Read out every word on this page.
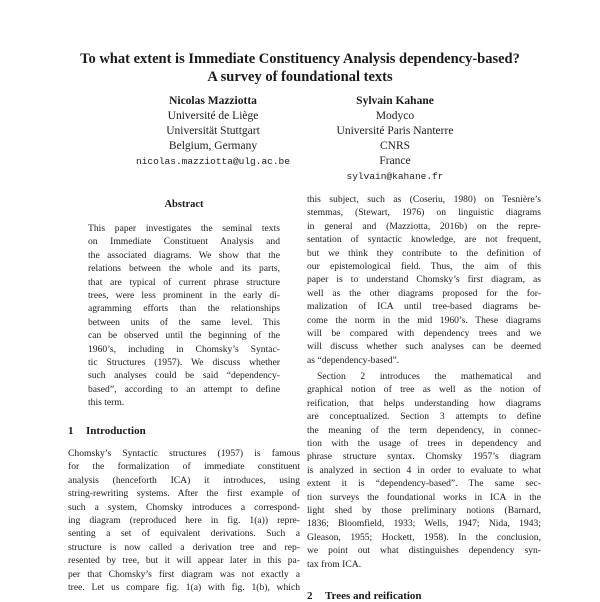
To what extent is Immediate Constituency Analysis dependency-based?
A survey of foundational texts
Nicolas Mazziotta
Université de Liège
Universität Stuttgart
Belgium, Germany
nicolas.mazziotta@ulg.ac.be
Sylvain Kahane
Modyco
Université Paris Nanterre
CNRS
France
sylvain@kahane.fr
Abstract
This paper investigates the seminal texts
on Immediate Constituent Analysis and
the associated diagrams. We show that the
relations between the whole and its parts,
that are typical of current phrase structure
trees, were less prominent in the early di-
agramming efforts than the relationships
between units of the same level. This
can be observed until the beginning of the
1960’s, including in Chomsky’s Syntac-
tic Structures (1957). We discuss whether
such analyses could be said “dependency-
based”, according to an attempt to define
this term.
1 Introduction
Chomsky’s Syntactic structures (1957) is famous
for the formalization of immediate constituent
analysis (henceforth ICA) it introduces, using
string-rewriting systems. After the first example of
such a system, Chomsky introduces a correspond-
ing diagram (reproduced here in fig. 1(a)) repre-
senting a set of equivalent derivations. Such a
structure is now called a derivation tree and rep-
resented by tree, but it will appear later in this pa-
per that Chomsky’s first diagram was not exactly a
tree. Let us compare fig. 1(a) with fig. 1(b), which
this subject, such as (Coseriu, 1980) on Tesnière’s
stemmas, (Stewart, 1976) on linguistic diagrams
in general and (Mazziotta, 2016b) on the repre-
sentation of syntactic knowledge, are not frequent,
but we think they contribute to the definition of
our epistemological field. Thus, the aim of this
paper is to understand Chomsky’s first diagram, as
well as the other diagrams proposed for the for-
malization of ICA until tree-based diagrams be-
come the norm in the mid 1960’s. These diagrams
will be compared with dependency trees and we
will discuss whether such analyses can be deemed
as “dependency-based”.
Section 2 introduces the mathematical and
graphical notion of tree as well as the notion of
reification, that helps understanding how diagrams
are conceptualized. Section 3 attempts to define
the meaning of the term dependency, in connec-
tion with the usage of trees in dependency and
phrase structure syntax. Chomsky 1957’s diagram
is analyzed in section 4 in order to evaluate to what
extent it is “dependency-based”. The same sec-
tion surveys the foundational works in ICA in the
light shed by those preliminary notions (Barnard,
1836; Bloomfield, 1933; Wells, 1947; Nida, 1943;
Gleason, 1955; Hockett, 1958). In the conclusion,
we point out what distinguishes dependency syn-
tax from ICA.
2 Trees and reification
